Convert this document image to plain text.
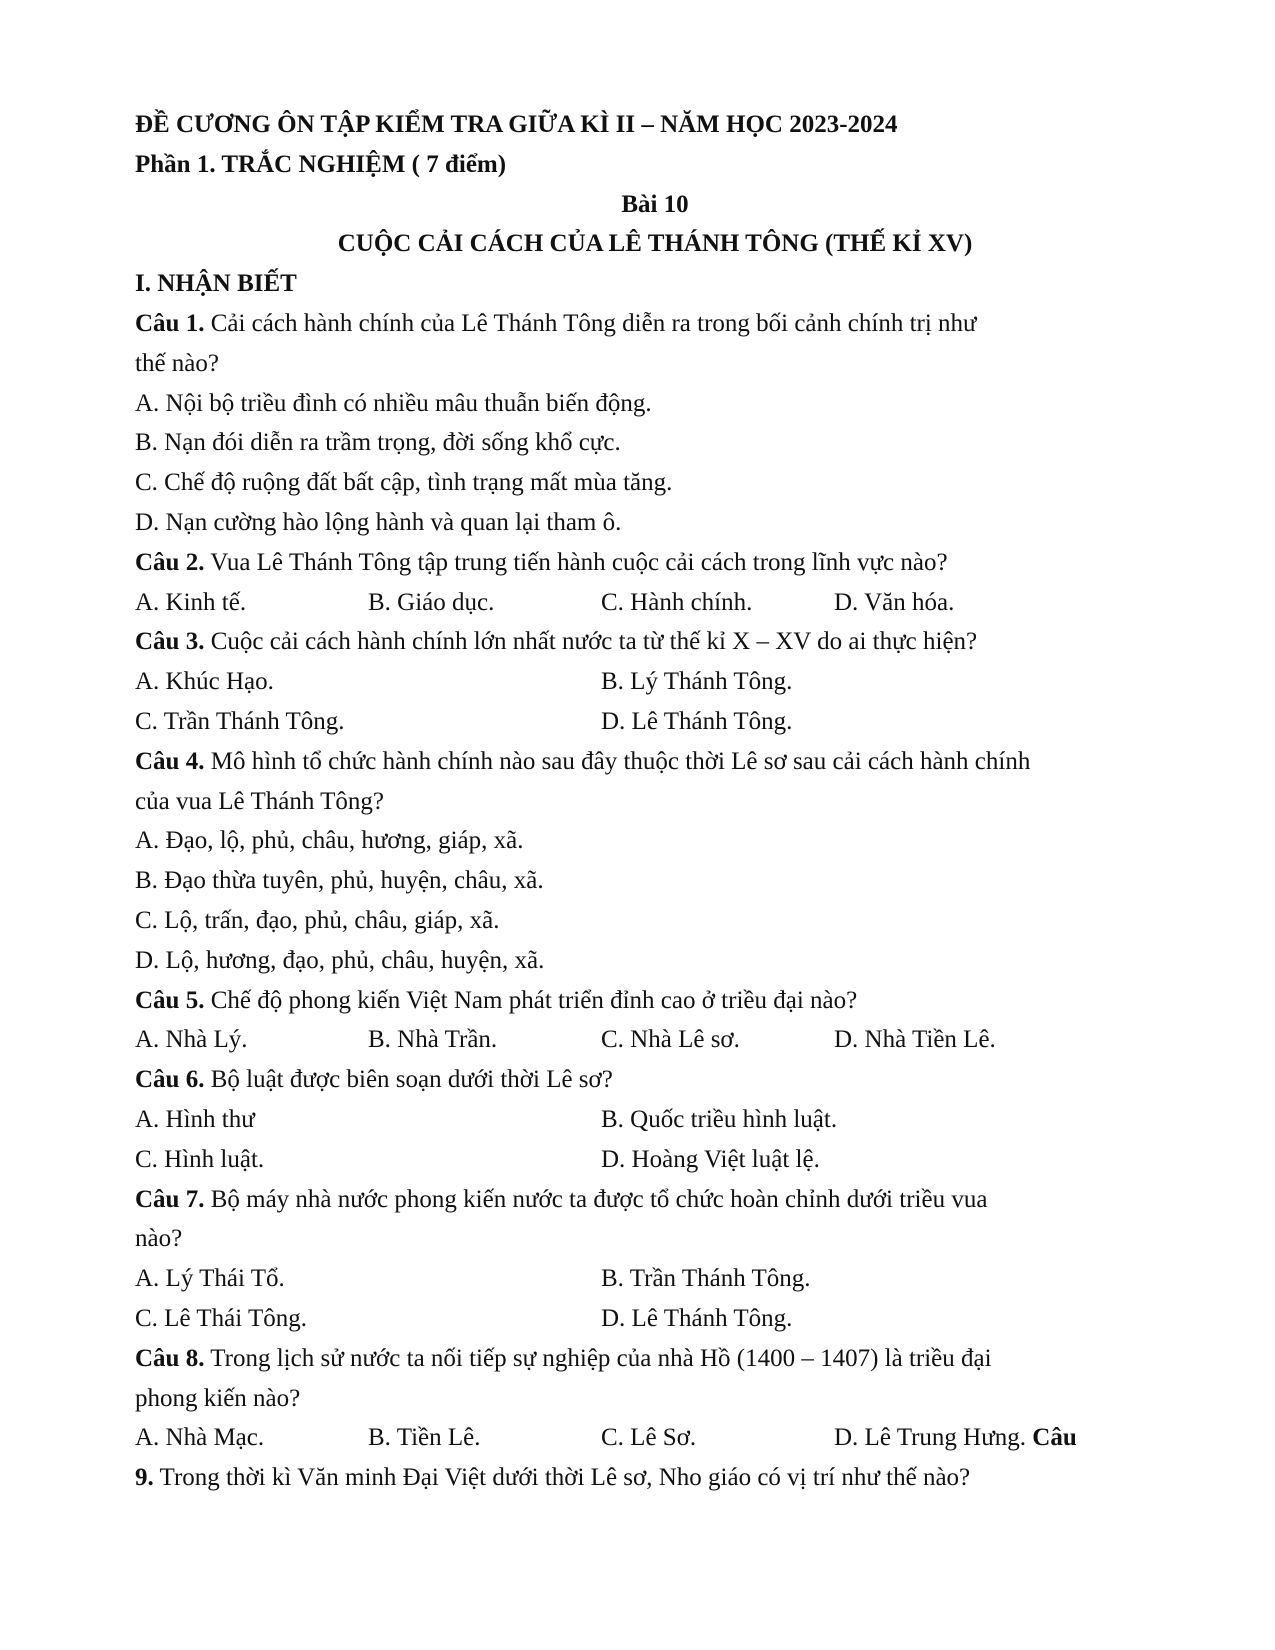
ĐỀ CƯƠNG ÔN TẬP KIỂM TRA GIỮA KÌ II – NĂM HỌC 2023-2024
Phần 1. TRẮC NGHIỆM ( 7 điểm)
Bài 10
CUỘC CẢI CÁCH CỦA LÊ THÁNH TÔNG (THẾ KỈ XV)
I. NHẬN BIẾT
Câu 1. Cải cách hành chính của Lê Thánh Tông diễn ra trong bối cảnh chính trị như
thế nào?
A. Nội bộ triều đình có nhiều mâu thuẫn biến động.
B. Nạn đói diễn ra trầm trọng, đời sống khổ cực.
C. Chế độ ruộng đất bất cập, tình trạng mất mùa tăng.
D. Nạn cường hào lộng hành và quan lại tham ô.
Câu 2. Vua Lê Thánh Tông tập trung tiến hành cuộc cải cách trong lĩnh vực nào?
A. Kinh tế.	B. Giáo dục.	C. Hành chính.	D. Văn hóa.
Câu 3. Cuộc cải cách hành chính lớn nhất nước ta từ thế kỉ X – XV do ai thực hiện?
A. Khúc Hạo.	B. Lý Thánh Tông.
C. Trần Thánh Tông.	D. Lê Thánh Tông.
Câu 4. Mô hình tổ chức hành chính nào sau đây thuộc thời Lê sơ sau cải cách hành chính
của vua Lê Thánh Tông?
A. Đạo, lộ, phủ, châu, hương, giáp, xã.
B. Đạo thừa tuyên, phủ, huyện, châu, xã.
C. Lộ, trấn, đạo, phủ, châu, giáp, xã.
D. Lộ, hương, đạo, phủ, châu, huyện, xã.
Câu 5. Chế độ phong kiến Việt Nam phát triển đỉnh cao ở triều đại nào?
A. Nhà Lý.	B. Nhà Trần.	C. Nhà Lê sơ.	D. Nhà Tiền Lê.
Câu 6. Bộ luật được biên soạn dưới thời Lê sơ?
A. Hình thư	B. Quốc triều hình luật.
C. Hình luật.	D. Hoàng Việt luật lệ.
Câu 7. Bộ máy nhà nước phong kiến nước ta được tổ chức hoàn chỉnh dưới triều vua
nào?
A. Lý Thái Tổ.	B. Trần Thánh Tông.
C. Lê Thái Tông.	D. Lê Thánh Tông.
Câu 8. Trong lịch sử nước ta nối tiếp sự nghiệp của nhà Hồ (1400 – 1407) là triều đại
phong kiến nào?
A. Nhà Mạc.	B. Tiền Lê.	C. Lê Sơ.	D. Lê Trung Hưng. Câu
9. Trong thời kì Văn minh Đại Việt dưới thời Lê sơ, Nho giáo có vị trí như thế nào?
